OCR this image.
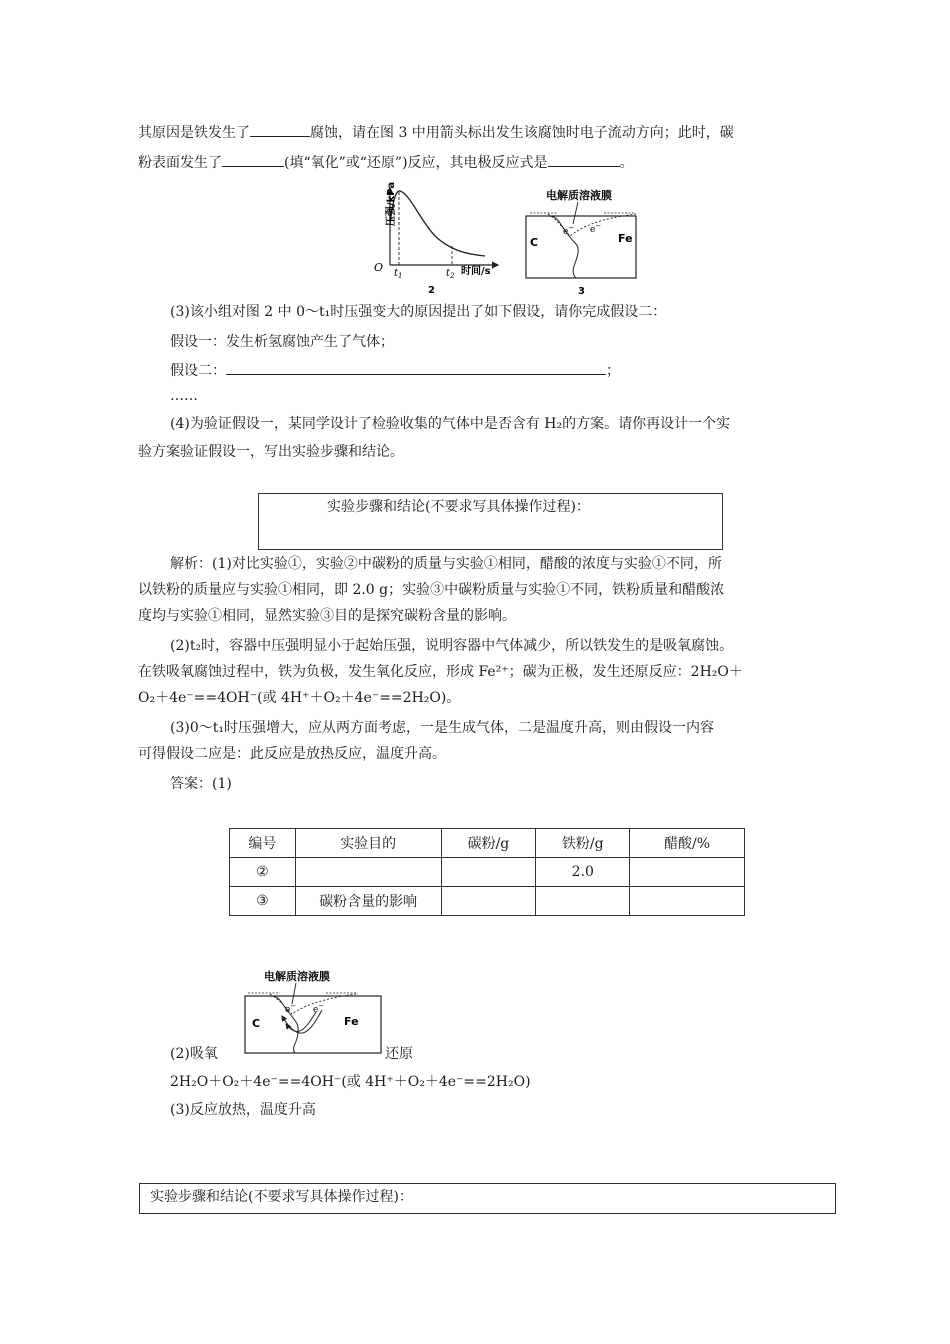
其原因是铁发生了	腐蚀，请在图 3 中用箭头标出发生该腐蚀时电子流动方向；此时，碳
粉表面发生了	(填“氧化”或“还原”)反应，其电极反应式是	。
压强/kPa
O $t_1$	$t_2$ 时间/s
2
电解质溶液膜
C	Fe
e− e−
3
(3)该小组对图 2 中 0～t₁时压强变大的原因提出了如下假设，请你完成假设二：
假设一：发生析氢腐蚀产生了气体；
假设二：	；
……
(4)为验证假设一，某同学设计了检验收集的气体中是否含有 H₂的方案。请你再设计一个实
验方案验证假设一，写出实验步骤和结论。
实验步骤和结论(不要求写具体操作过程)：
解析：(1)对比实验①，实验②中碳粉的质量与实验①相同，醋酸的浓度与实验①不同，所
以铁粉的质量应与实验①相同，即 2.0 g；实验③中碳粉质量与实验①不同，铁粉质量和醋酸浓
度均与实验①相同，显然实验③目的是探究碳粉含量的影响。
(2)t₂时，容器中压强明显小于起始压强，说明容器中气体减少，所以铁发生的是吸氧腐蚀。
在铁吸氧腐蚀过程中，铁为负极，发生氧化反应，形成 Fe²⁺；碳为正极，发生还原反应：2H₂O＋
O₂＋4e⁻==4OH⁻(或 4H⁺＋O₂＋4e⁻==2H₂O)。
(3)0～t₁时压强增大，应从两方面考虑，一是生成气体，二是温度升高，则由假设一内容
可得假设二应是：此反应是放热反应，温度升高。
答案：(1)
编号	实验目的	碳粉/g	铁粉/g	醋酸/%
②			2.0	
③	碳粉含量的影响			
电解质溶液膜
C	Fe
e− e−
(2)吸氧	还原
2H₂O＋O₂＋4e⁻==4OH⁻(或 4H⁺＋O₂＋4e⁻==2H₂O)
(3)反应放热，温度升高
实验步骤和结论(不要求写具体操作过程)：
